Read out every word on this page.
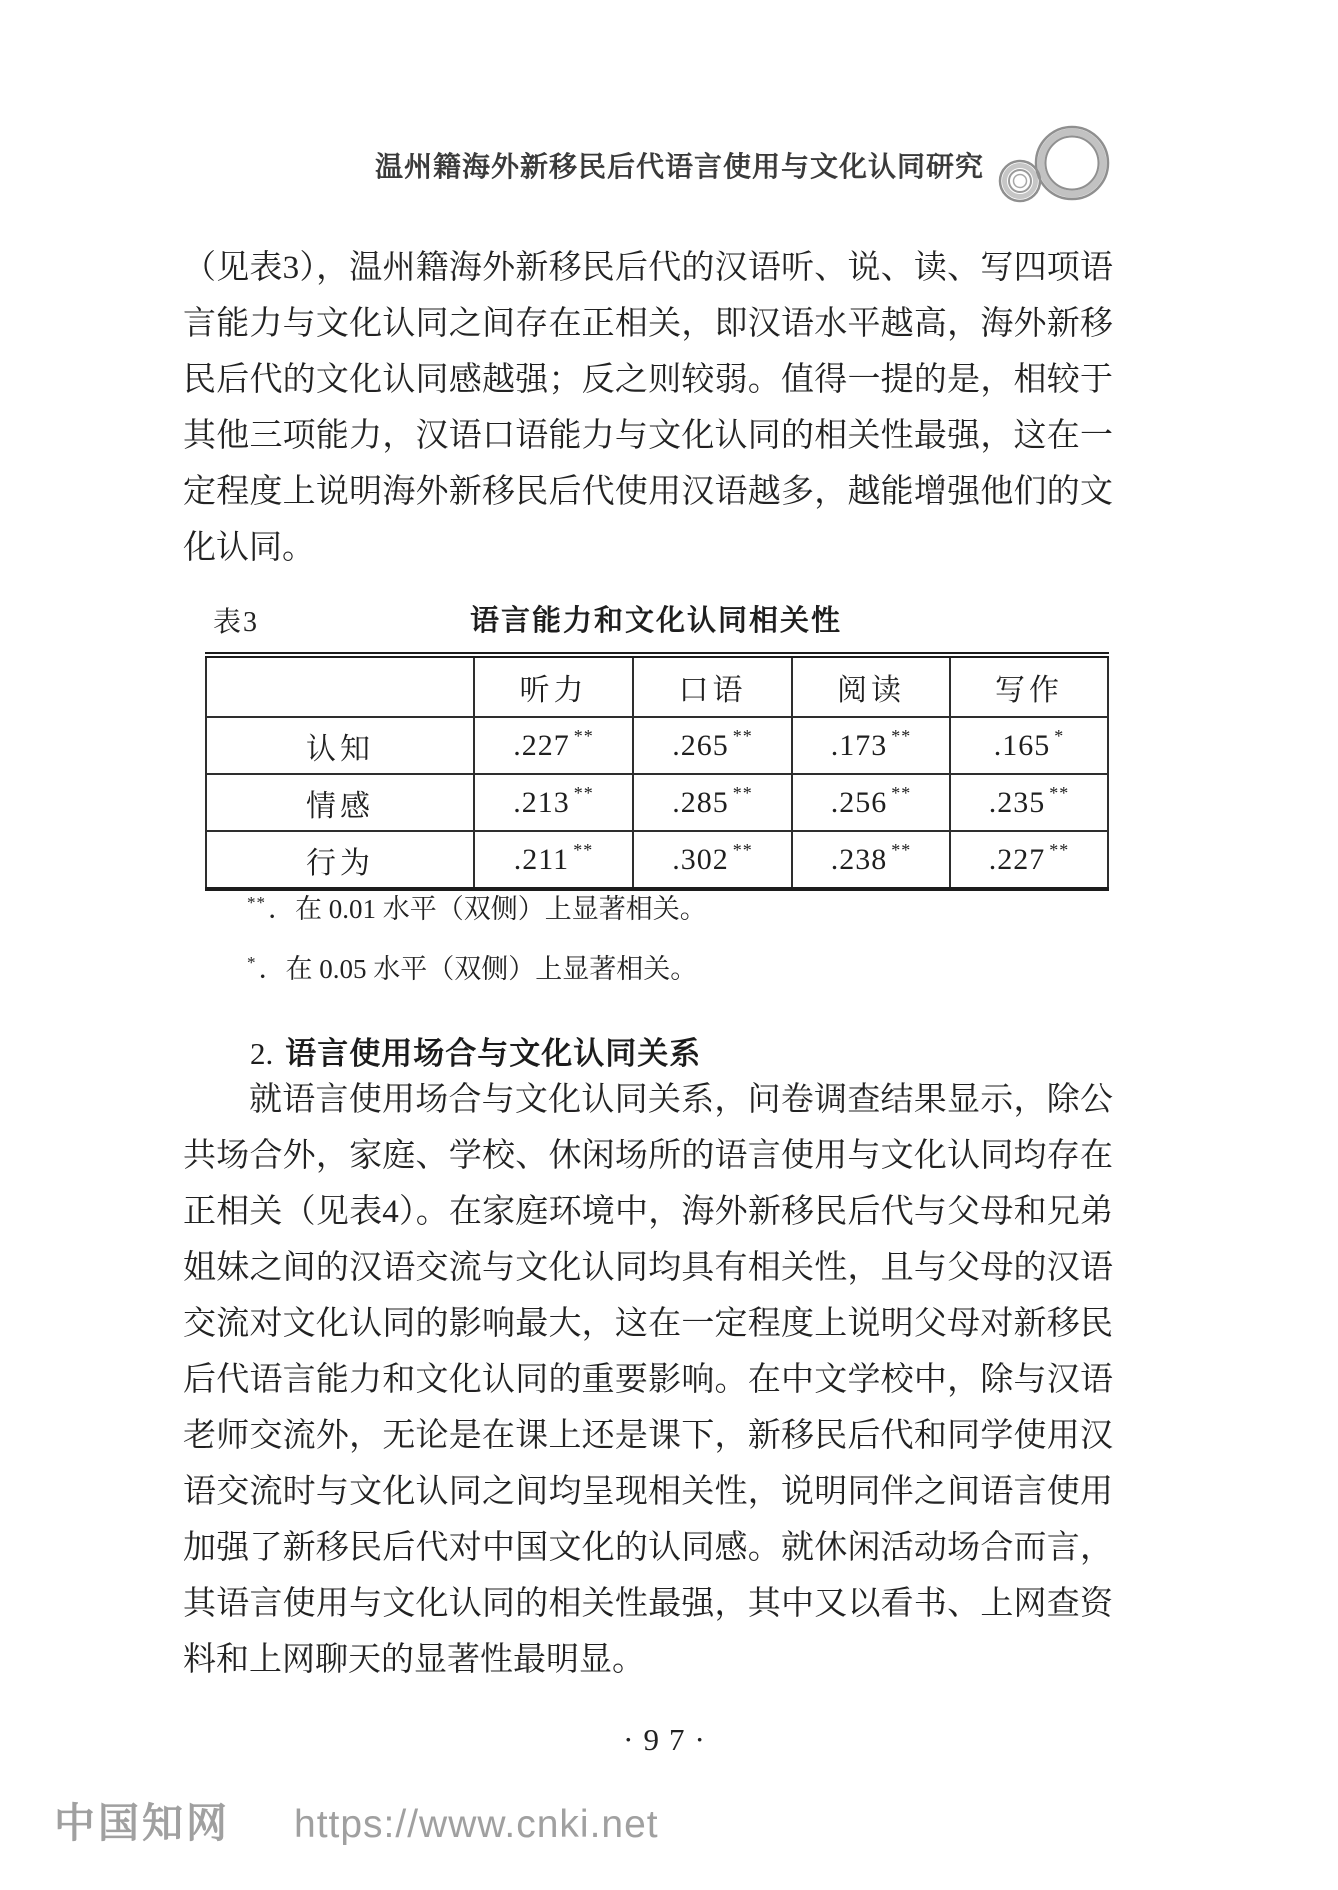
温州籍海外新移民后代语言使用与文化认同研究

（见表3），温州籍海外新移民后代的汉语听、说、读、写四项语言能力与文化认同之间存在正相关，即汉语水平越高，海外新移民后代的文化认同感越强；反之则较弱。值得一提的是，相较于其他三项能力，汉语口语能力与文化认同的相关性最强，这在一定程度上说明海外新移民后代使用汉语越多，越能增强他们的文化认同。

表3	语言能力和文化认同相关性
	听力	口语	阅读	写作
认知	.227 **	.265 **	.173 **	.165 *
情感	.213 **	.285 **	.256 **	.235 **
行为	.211 **	.302 **	.238 **	.227 **

**．在 0.01 水平（双侧）上显著相关。

*．在 0.05 水平（双侧）上显著相关。

2. 语言使用场合与文化认同关系

就语言使用场合与文化认同关系，问卷调查结果显示，除公共场合外，家庭、学校、休闲场所的语言使用与文化认同均存在正相关（见表4）。在家庭环境中，海外新移民后代与父母和兄弟姐妹之间的汉语交流与文化认同均具有相关性，且与父母的汉语交流对文化认同的影响最大，这在一定程度上说明父母对新移民后代语言能力和文化认同的重要影响。在中文学校中，除与汉语老师交流外，无论是在课上还是课下，新移民后代和同学使用汉语交流时与文化认同之间均呈现相关性，说明同伴之间语言使用加强了新移民后代对中国文化的认同感。就休闲活动场合而言，其语言使用与文化认同的相关性最强，其中又以看书、上网查资料和上网聊天的显著性最明显。

·97·
中国知网 https://www.cnki.net
